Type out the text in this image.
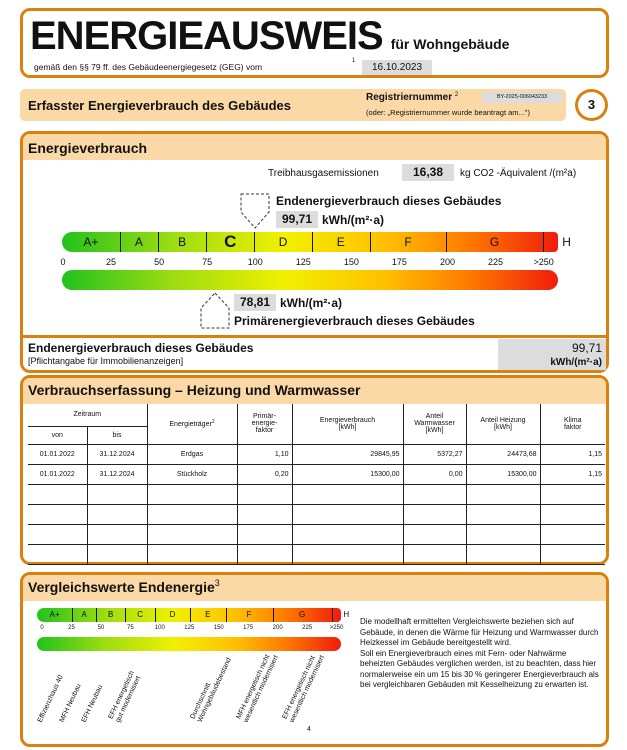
ENERGIEAUSWEIS für Wohngebäude
gemäß den §§ 79 ff. des Gebäudeenergiegesetz (GEG) vom
1
16.10.2023
Erfasster Energieverbrauch des Gebäudes
Registriernummer $^2$	BY-2025-006043233
(oder: „Registriernummer wurde beantragt am...")
3
Energieverbrauch
Treibhausgasemissionen	16,38	kg CO2 -Äquivalent /(m²a)
Endenergieverbrauch dieses Gebäudes
99,71 kWh/(m²·a)
A+	A	B C	D	E	F	G	H
0	25	50	75	100	125	150	175	200	225	>250
78,81 kWh/(m²·a)
Primärenergieverbrauch dieses Gebäudes
Endenergieverbrauch dieses Gebäudes
[Pflichtangabe für Immobilienanzeigen]
99,71
kWh/(m²·a)
Verbrauchserfassung – Heizung und Warmwasser
Zeitraum		Energieträger$^2$	Primär-
energie-
faktor	Energieverbrauch
[kWh]	Anteil
Warmwasser
[kWh]	Anteil Heizung
[kWh]	Klima
faktor
von	bis						
01.01.2022	31.12.2024	Erdgas	1,10	29845,95	5372,27	24473,68	1,15
01.01.2022	31.12.2024	Stückholz	0,20	15300,00	0,00	15300,00	1,15

Vergleichswerte Endenergie$^3$
A+	A	B	C	D	E	F	G	H
0	25	50	75	100	125	150	175	200	225	>250
Effizienzhaus 40
MFH Neubau
EFH Neubau EFH energetisch
gut modernisiert	Durchschnitt
Wohngebäudebestand MFH energetisch nicht
wesentlich modernisiert EFH energetisch nicht
wesentlich modernisiert
4
Die modellhaft ermittelten Vergleichswerte beziehen sich auf Gebäude, in denen die Wärme für Heizung und Warmwasser durch Heizkessel im Gebäude bereitgestellt wird.
Soll ein Energieverbrauch eines mit Fern- oder Nahwärme beheizten Gebäudes verglichen werden, ist zu beachten, dass hier normalerweise ein um 15 bis 30 % geringerer Energieverbrauch als bei vergleichbaren Gebäuden mit Kesselheizung zu erwarten ist.
